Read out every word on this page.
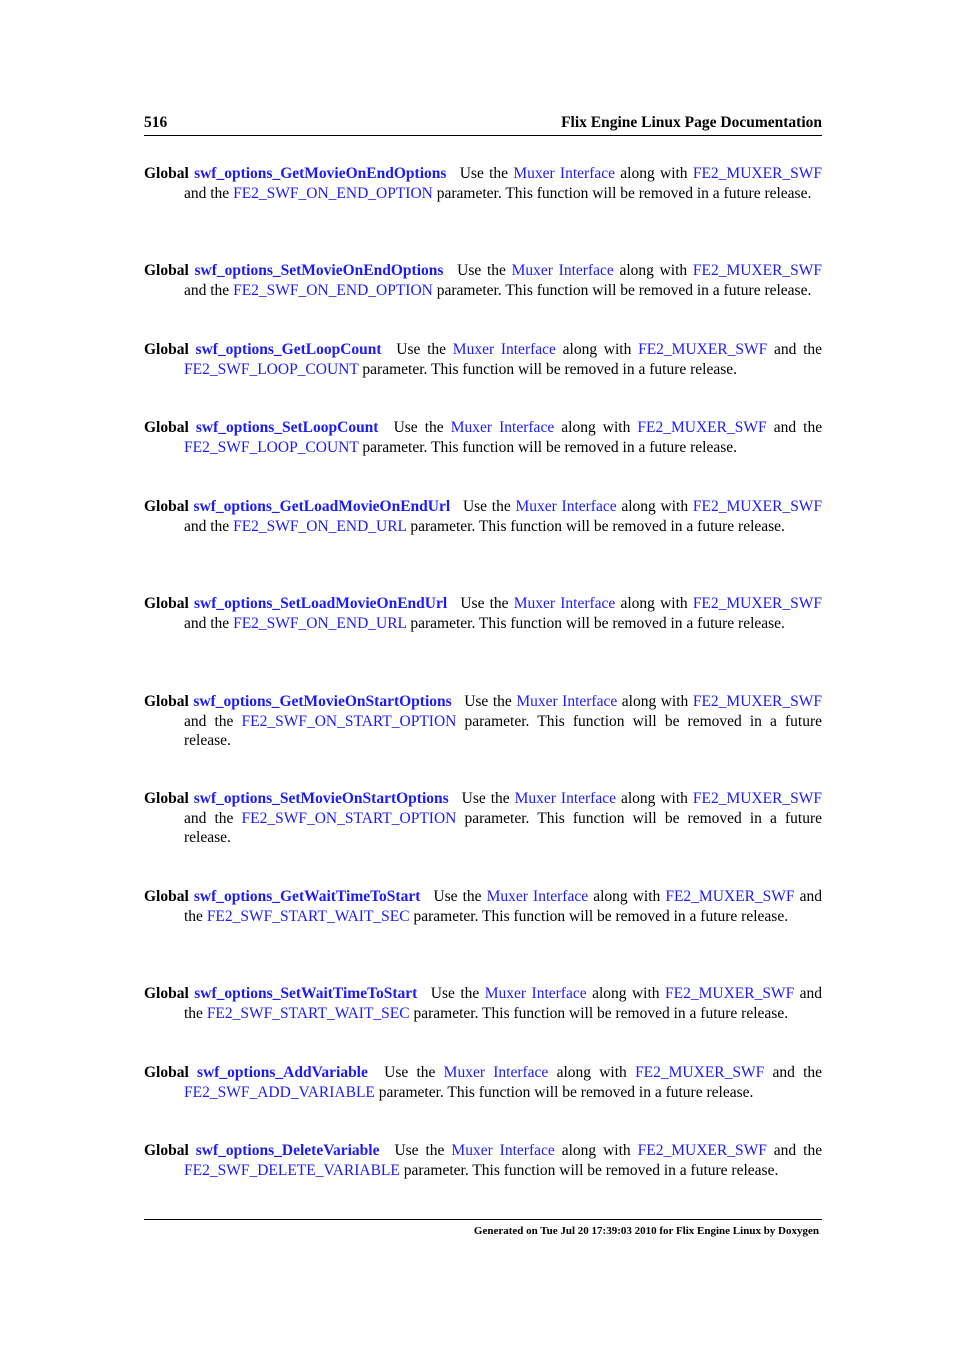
516	Flix Engine Linux Page Documentation
Global swf_options_GetMovieOnEndOptions Use the Muxer Interface along with FE2_MUXER_SWF and the FE2_SWF_ON_END_OPTION parameter. This function will be removed in a future release.
Global swf_options_SetMovieOnEndOptions Use the Muxer Interface along with FE2_MUXER_SWF and the FE2_SWF_ON_END_OPTION parameter. This function will be removed in a future release.
Global swf_options_GetLoopCount Use the Muxer Interface along with FE2_MUXER_SWF and the FE2_SWF_LOOP_COUNT parameter. This function will be removed in a future release.
Global swf_options_SetLoopCount Use the Muxer Interface along with FE2_MUXER_SWF and the FE2_SWF_LOOP_COUNT parameter. This function will be removed in a future release.
Global swf_options_GetLoadMovieOnEndUrl Use the Muxer Interface along with FE2_MUXER_SWF and the FE2_SWF_ON_END_URL parameter. This function will be removed in a future release.
Global swf_options_SetLoadMovieOnEndUrl Use the Muxer Interface along with FE2_MUXER_SWF and the FE2_SWF_ON_END_URL parameter. This function will be removed in a future release.
Global swf_options_GetMovieOnStartOptions Use the Muxer Interface along with FE2_MUXER_SWF and the FE2_SWF_ON_START_OPTION parameter. This function will be removed in a future release.
Global swf_options_SetMovieOnStartOptions Use the Muxer Interface along with FE2_MUXER_SWF and the FE2_SWF_ON_START_OPTION parameter. This function will be removed in a future release.
Global swf_options_GetWaitTimeToStart Use the Muxer Interface along with FE2_MUXER_SWF and the FE2_SWF_START_WAIT_SEC parameter. This function will be removed in a future release.
Global swf_options_SetWaitTimeToStart Use the Muxer Interface along with FE2_MUXER_SWF and the FE2_SWF_START_WAIT_SEC parameter. This function will be removed in a future release.
Global swf_options_AddVariable Use the Muxer Interface along with FE2_MUXER_SWF and the FE2_SWF_ADD_VARIABLE parameter. This function will be removed in a future release.
Global swf_options_DeleteVariable Use the Muxer Interface along with FE2_MUXER_SWF and the FE2_SWF_DELETE_VARIABLE parameter. This function will be removed in a future release.
Generated on Tue Jul 20 17:39:03 2010 for Flix Engine Linux by Doxygen
